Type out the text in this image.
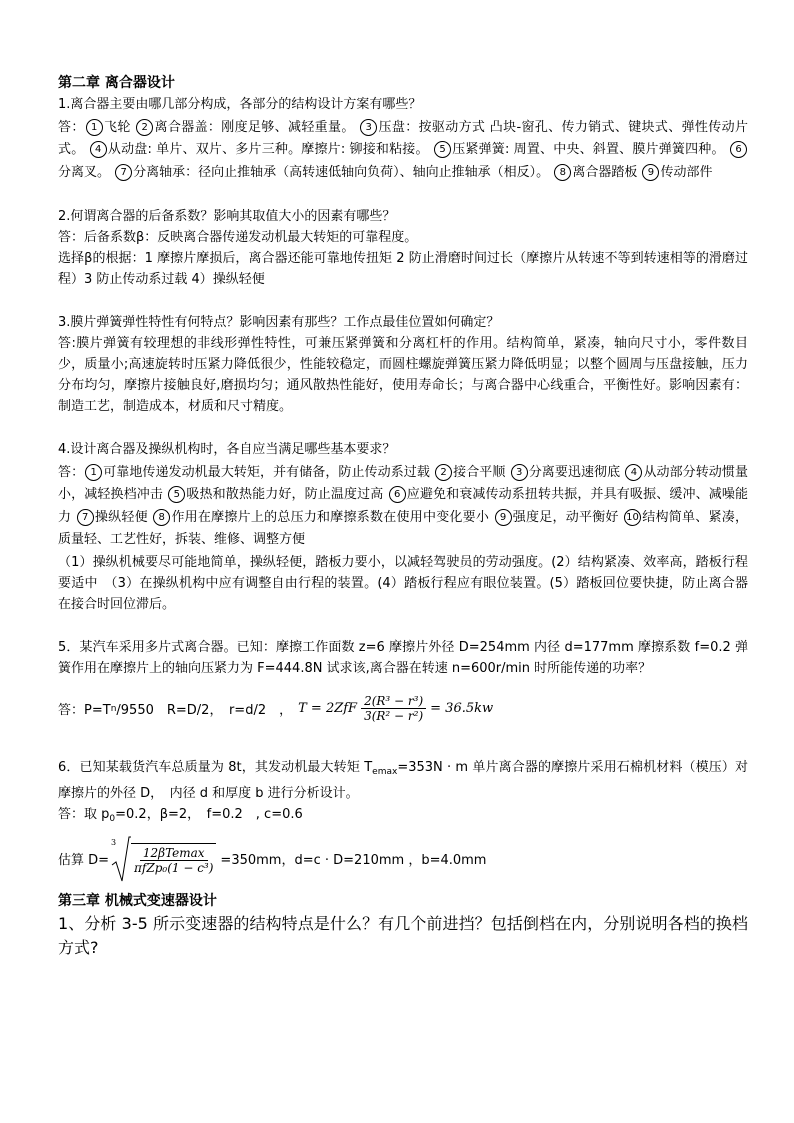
第二章 离合器设计

1.离合器主要由哪几部分构成，各部分的结构设计方案有哪些？

答： 1 飞轮 2 离合器盖：刚度足够、减轻重量。 3 压盘：按驱动方式 凸块-窗孔、传力销式、键块式、弹性传动片式。 4 从动盘: 单片、双片、多片三种。摩擦片: 铆接和粘接。 5 压紧弹簧: 周置、中央、斜置、膜片弹簧四种。 6分离叉。 7 分离轴承：径向止推轴承（高转速低轴向负荷）、轴向止推轴承（相反）。 8 离合器踏板 9 传动部件

2.何谓离合器的后备系数？影响其取值大小的因素有哪些？

答：后备系数β：反映离合器传递发动机最大转矩的可靠程度。

选择β的根据：1 摩擦片摩损后，离合器还能可靠地传扭矩 2 防止滑磨时间过长（摩擦片从转速不等到转速相等的滑磨过程）3 防止传动系过载 4）操纵轻便

3.膜片弹簧弹性特性有何特点？影响因素有那些？工作点最佳位置如何确定？

答:膜片弹簧有较理想的非线形弹性特性，可兼压紧弹簧和分离杠杆的作用。结构简单，紧凑，轴向尺寸小，零件数目少，质量小;高速旋转时压紧力降低很少，性能较稳定，而圆柱螺旋弹簧压紧力降低明显；以整个圆周与压盘接触，压力分布均匀，摩擦片接触良好,磨损均匀；通风散热性能好，使用寿命长；与离合器中心线重合，平衡性好。影响因素有：制造工艺，制造成本，材质和尺寸精度。

4.设计离合器及操纵机构时，各自应当满足哪些基本要求？

答： 1 可靠地传递发动机最大转矩，并有储备，防止传动系过载 2 接合平顺 3 分离要迅速彻底 4 从动部分转动惯量小，减轻换档冲击 5 吸热和散热能力好，防止温度过高 6 应避免和衰减传动系扭转共振，并具有吸振、缓冲、减噪能力 7 操纵轻便 8 作用在摩擦片上的总压力和摩擦系数在使用中变化要小 9 强度足，动平衡好 10 结构简单、紧凑，质量轻、工艺性好，拆装、维修、调整方便

（1）操纵机械要尽可能地简单，操纵轻便，踏板力要小，以减轻驾驶员的劳动强度。(2）结构紧凑、效率高，踏板行程要适中　（3）在操纵机构中应有调整自由行程的装置。(4）踏板行程应有眼位装置。(5）踏板回位要快捷，防止离合器在接合时回位滞后。

5．某汽车采用多片式离合器。已知：摩擦工作面数 z=6 摩擦片外径 D=254mm 内径 d=177mm 摩擦系数 f=0.2 弹簧作用在摩擦片上的轴向压紧力为 F=444.8N 试求该,离合器在转速 n=600r/min 时所能传递的功率？

答：P=T n /9550　R=D/2，　r=d/2　， $T = 2ZfF \frac{\text{2(R³ − r³)}}{\text{3(R² − r²)}} = 36.5kw$

6．已知某载货汽车总质量为 8t，其发动机最大转矩 $T_{emax}=353N \cdot m$ 单片离合器的摩擦片采用石棉机材料（模压）对摩擦片的外径 D，　内径 d 和厚度 b 进行分析设计。

答：取 $p_0=0.2$，β=2，　f=0.2　, c=0.6

估算 D=
3
$\frac{\text{12βTemax}}{\text{πfZp₀(1 − c³)}} =350mm$，d=c · D=210mm ，b=4.0mm
第三章 机械式变速器设计

1、分析 3-5 所示变速器的结构特点是什么？有几个前进挡？包括倒档在内，分别说明各档的换档方式?
